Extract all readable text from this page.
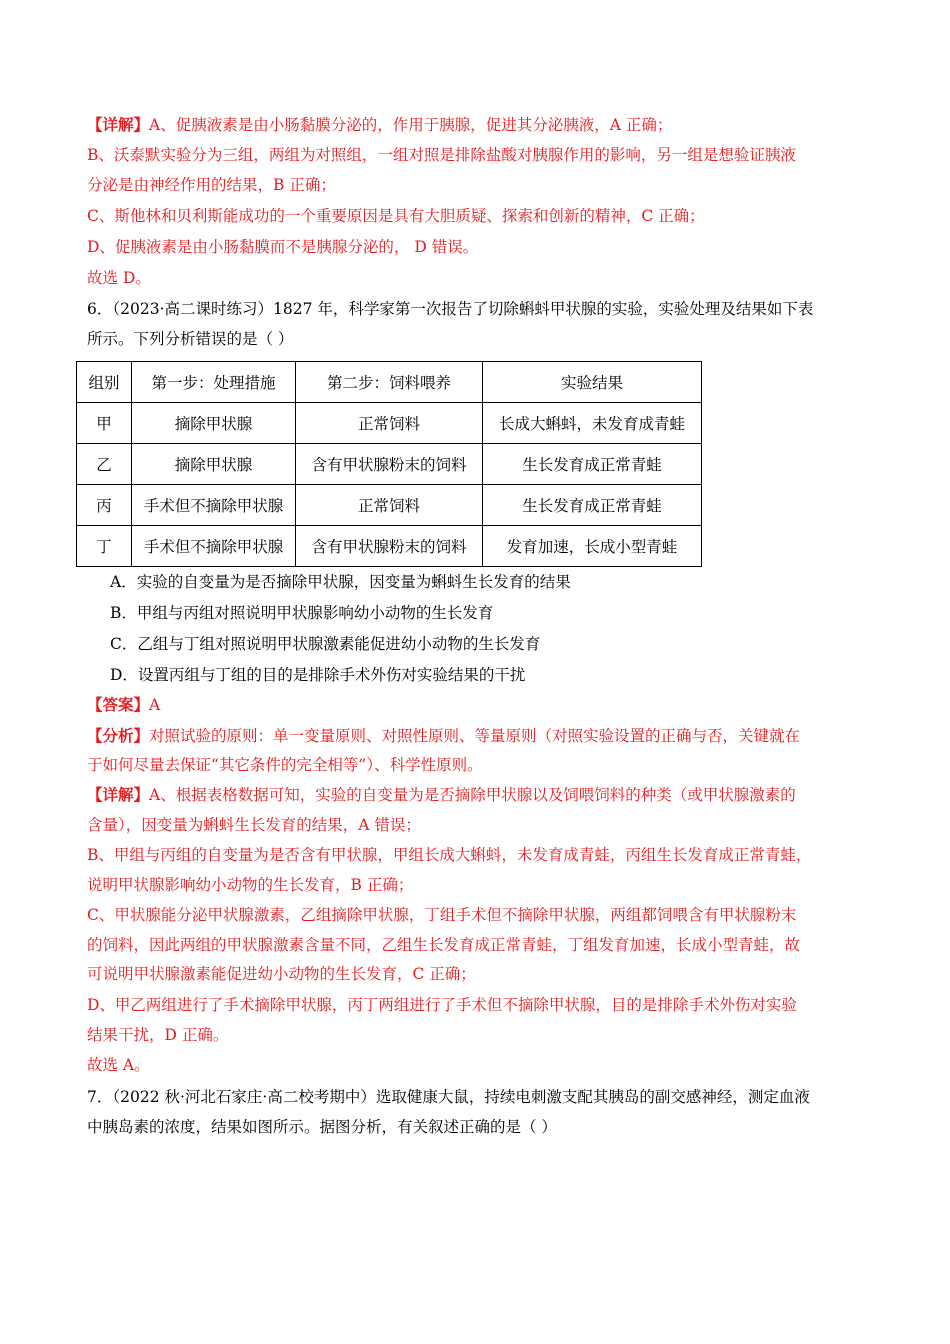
【详解】A、促胰液素是由小肠黏膜分泌的，作用于胰腺，促进其分泌胰液，A 正确；
B、沃泰默实验分为三组，两组为对照组，一组对照是排除盐酸对胰腺作用的影响，另一组是想验证胰液
分泌是由神经作用的结果，B 正确；
C、斯他林和贝利斯能成功的一个重要原因是具有大胆质疑、探索和创新的精神，C 正确；
D、促胰液素是由小肠黏膜而不是胰腺分泌的， D 错误。
故选 D。
6．（2023·高二课时练习）1827 年，科学家第一次报告了切除蝌蚪甲状腺的实验，实验处理及结果如下表
所示。下列分析错误的是（ ）
组别	第一步：处理措施	第二步：饲料喂养	实验结果
甲	摘除甲状腺	正常饲料	长成大蝌蚪，未发育成青蛙
乙	摘除甲状腺	含有甲状腺粉末的饲料	生长发育成正常青蛙
丙	手术但不摘除甲状腺	正常饲料	生长发育成正常青蛙
丁	手术但不摘除甲状腺	含有甲状腺粉末的饲料	发育加速，长成小型青蛙
A．实验的自变量为是否摘除甲状腺，因变量为蝌蚪生长发育的结果
B．甲组与丙组对照说明甲状腺影响幼小动物的生长发育
C．乙组与丁组对照说明甲状腺激素能促进幼小动物的生长发育
D．设置丙组与丁组的目的是排除手术外伤对实验结果的干扰
【答案】A
【分析】对照试验的原则：单一变量原则、对照性原则、等量原则（对照实验设置的正确与否，关键就在
于如何尽量去保证“其它条件的完全相等”）、科学性原则。
【详解】A、根据表格数据可知，实验的自变量为是否摘除甲状腺以及饲喂饲料的种类（或甲状腺激素的
含量），因变量为蝌蚪生长发育的结果，A 错误；
B、甲组与丙组的自变量为是否含有甲状腺，甲组长成大蝌蚪，未发育成青蛙，丙组生长发育成正常青蛙，
说明甲状腺影响幼小动物的生长发育，B 正确；
C、甲状腺能分泌甲状腺激素，乙组摘除甲状腺，丁组手术但不摘除甲状腺，两组都饲喂含有甲状腺粉末
的饲料，因此两组的甲状腺激素含量不同，乙组生长发育成正常青蛙，丁组发育加速，长成小型青蛙，故
可说明甲状腺激素能促进幼小动物的生长发育，C 正确；
D、甲乙两组进行了手术摘除甲状腺，丙丁两组进行了手术但不摘除甲状腺，目的是排除手术外伤对实验
结果干扰，D 正确。
故选 A。
7．（2022 秋·河北石家庄·高二校考期中）选取健康大鼠，持续电刺激支配其胰岛的副交感神经，测定血液
中胰岛素的浓度，结果如图所示。据图分析，有关叙述正确的是（ ）
